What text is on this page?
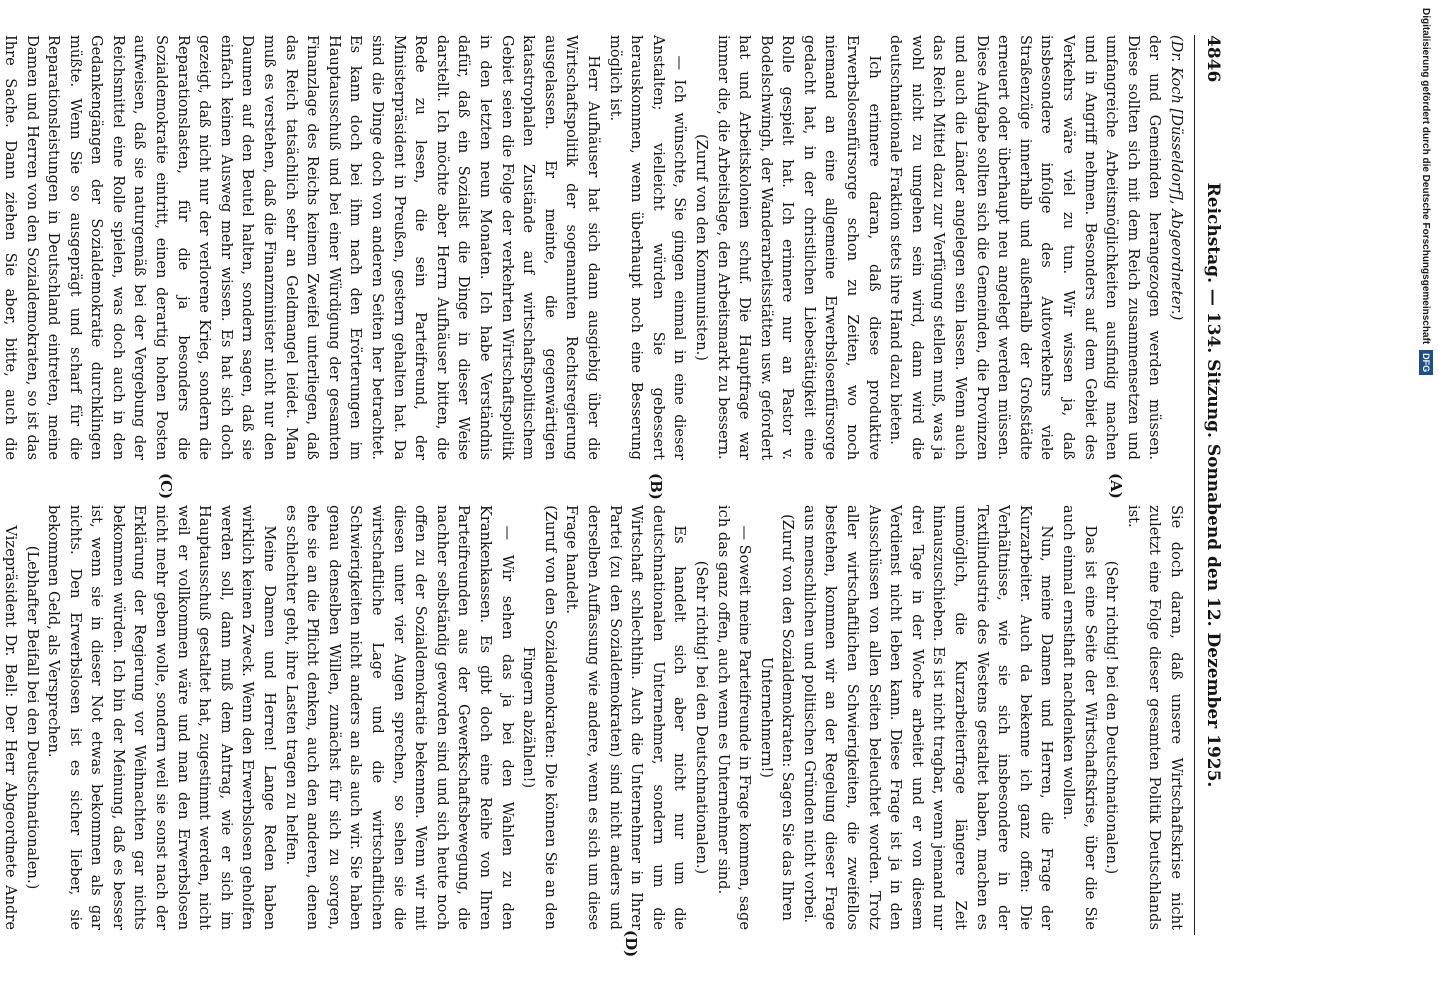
4846
Reichstag. — 134. Sitzung. Sonnabend den 12. Dezember 1925.

(Dr. Koch [Düsseldorf], Abgeordneter.)

der und Gemeinden herangezogen werden müssen. Diese sollten sich mit dem Reich zusammensetzen und umfangreiche Arbeitsmöglichkeiten ausfindig machen und in Angriff nehmen. Besonders auf dem Gebiet des Verkehrs wäre viel zu tun. Wir wissen ja, daß insbesondere infolge des Autoverkehrs viele Straßenzüge innerhalb und außerhalb der Großstädte erneuert oder überhaupt neu angelegt werden müssen. Diese Aufgabe sollten sich die Gemeinden, die Provinzen und auch die Länder angelegen sein lassen. Wenn auch das Reich Mittel dazu zur Verfügung stellen muß, was ja wohl nicht zu umgehen sein wird, dann wird die deutschnationale Fraktion stets ihre Hand dazu bieten.

Ich erinnere daran, daß diese produktive Erwerbslosenfürsorge schon zu Zeiten, wo noch niemand an eine allgemeine Erwerbslosenfürsorge gedacht hat, in der christlichen Liebestätigkeit eine Rolle gespielt hat. Ich erinnere nur an Pastor v. Bodelschwingh, der Wanderarbeitsstätten usw. gefordert hat und Arbeitskolonien schuf. Die Hauptfrage war immer die, die Arbeitslage, den Arbeitsmarkt zu bessern.

(Zuruf von den Kommunisten.)

— Ich wünschte, Sie gingen einmal in eine dieser Anstalten; vielleicht würden Sie gebessert herauskommen, wenn überhaupt noch eine Besserung möglich ist.

Herr Aufhäuser hat sich dann ausgiebig über die Wirtschaftspolitik der sogenannten Rechtsregierung ausgelassen. Er meinte, die gegenwärtigen katastrophalen Zustände auf wirtschaftspolitischem Gebiet seien die Folge der verkehrten Wirtschaftspolitik in den letzten neun Monaten. Ich habe Verständnis dafür, daß ein Sozialist die Dinge in dieser Weise darstellt. Ich möchte aber Herrn Aufhäuser bitten, die Rede zu lesen, die sein Parteifreund, der Ministerpräsident in Preußen, gestern gehalten hat. Da sind die Dinge doch von anderen Seiten her betrachtet. Es kann doch bei ihm nach den Erörterungen im Hauptausschuß und bei einer Würdigung der gesamten Finanzlage des Reichs keinem Zweifel unterliegen, daß das Reich tatsächlich sehr an Geldmangel leidet. Man muß es verstehen, daß die Finanzminister nicht nur den Daumen auf den Beutel halten, sondern sagen, daß sie einfach keinen Ausweg mehr wissen. Es hat sich doch gezeigt, daß nicht nur der verlorene Krieg, sondern die Reparationslasten, für die ja besonders die Sozialdemokratie eintritt, einen derartig hohen Posten aufweisen, daß sie naturgemäß bei der Vergebung der Reichsmittel eine Rolle spielen, was doch auch in den Gedankengängen der Sozialdemokratie durchklingen müßte. Wenn Sie so ausgeprägt und scharf für die Reparationsleistungen in Deutschland eintreten, meine Damen und Herren von den Sozialdemokraten, so ist das Ihre Sache. Dann ziehen Sie aber, bitte, auch die

Sie doch daran, daß unsere Wirtschaftskrise nicht zuletzt eine Folge dieser gesamten Politik Deutschlands ist.

(Sehr richtig! bei den Deutschnationalen.)

Das ist eine Seite der Wirtschaftskrise, über die Sie auch einmal ernsthaft nachdenken wollen.

Nun, meine Damen und Herren, die Frage der Kurzarbeiter. Auch da bekenne ich ganz offen: Die Verhältnisse, wie sie sich insbesondere in der Textilindustrie des Westens gestaltet haben, machen es unmöglich, die Kurzarbeiterfrage längere Zeit hinauszuschieben. Es ist nicht tragbar, wenn jemand nur drei Tage in der Woche arbeitet und er von diesem Verdienst nicht leben kann. Diese Frage ist ja in den Ausschüssen von allen Seiten beleuchtet worden. Trotz aller wirtschaftlichen Schwierigkeiten, die zweifellos bestehen, kommen wir an der Regelung dieser Frage aus menschlichen und politischen Gründen nicht vorbei.

(Zuruf von den Sozialdemokraten: Sagen Sie das Ihren Unternehmern!)

— Soweit meine Parteifreunde in Frage kommen, sage ich das ganz offen, auch wenn es Unternehmer sind.

(Sehr richtig! bei den Deutschnationalen.)

Es handelt sich aber nicht nur um die deutschnationalen Unternehmer, sondern um die Wirtschaft schlechthin. Auch die Unternehmer in Ihrer Partei (zu den Sozialdemokraten) sind nicht anders und derselben Auffassung wie andere, wenn es sich um diese Frage handelt.

(Zuruf von den Sozialdemokraten: Die können Sie an den Fingern abzählen!)

— Wir sehen das ja bei den Wahlen zu den Krankenkassen. Es gibt doch eine Reihe von Ihren Parteifreunden aus der Gewerkschaftsbewegung, die nachher selbständig geworden sind und sich heute noch offen zu der Sozialdemokratie bekennen. Wenn wir mit diesen unter vier Augen sprechen, so sehen sie die wirtschaftliche Lage und die wirtschaftlichen Schwierigkeiten nicht anders an als auch wir. Sie haben genau denselben Willen, zunächst für sich zu sorgen, ehe sie an die Pflicht denken, auch den anderen, denen es schlechter geht, ihre Lasten tragen zu helfen.

Meine Damen und Herren! Lange Reden haben wirklich keinen Zweck. Wenn den Erwerbslosen geholfen werden soll, dann muß dem Antrag, wie er sich im Hauptausschuß gestaltet hat, zugestimmt werden, nicht weil er vollkommen wäre und man den Erwerbslosen nicht mehr geben wolle, sondern weil sie sonst nach der Erklärung der Regierung vor Weihnachten gar nichts bekommen würden. Ich bin der Meinung, daß es besser ist, wenn sie in dieser Not etwas bekommen als gar nichts. Den Erwerbslosen ist es sicher lieber, sie bekommen Geld, als Versprechen.

(Lebhafter Beifall bei den Deutschnationalen.)

Vizepräsident Dr. Bell: Der Herr Abgeordnete Andre

(A)
(B)
(C)
(D)
Digitalisierung gefördert durch die Deutsche Forschungsgemeinschaft
DFG
